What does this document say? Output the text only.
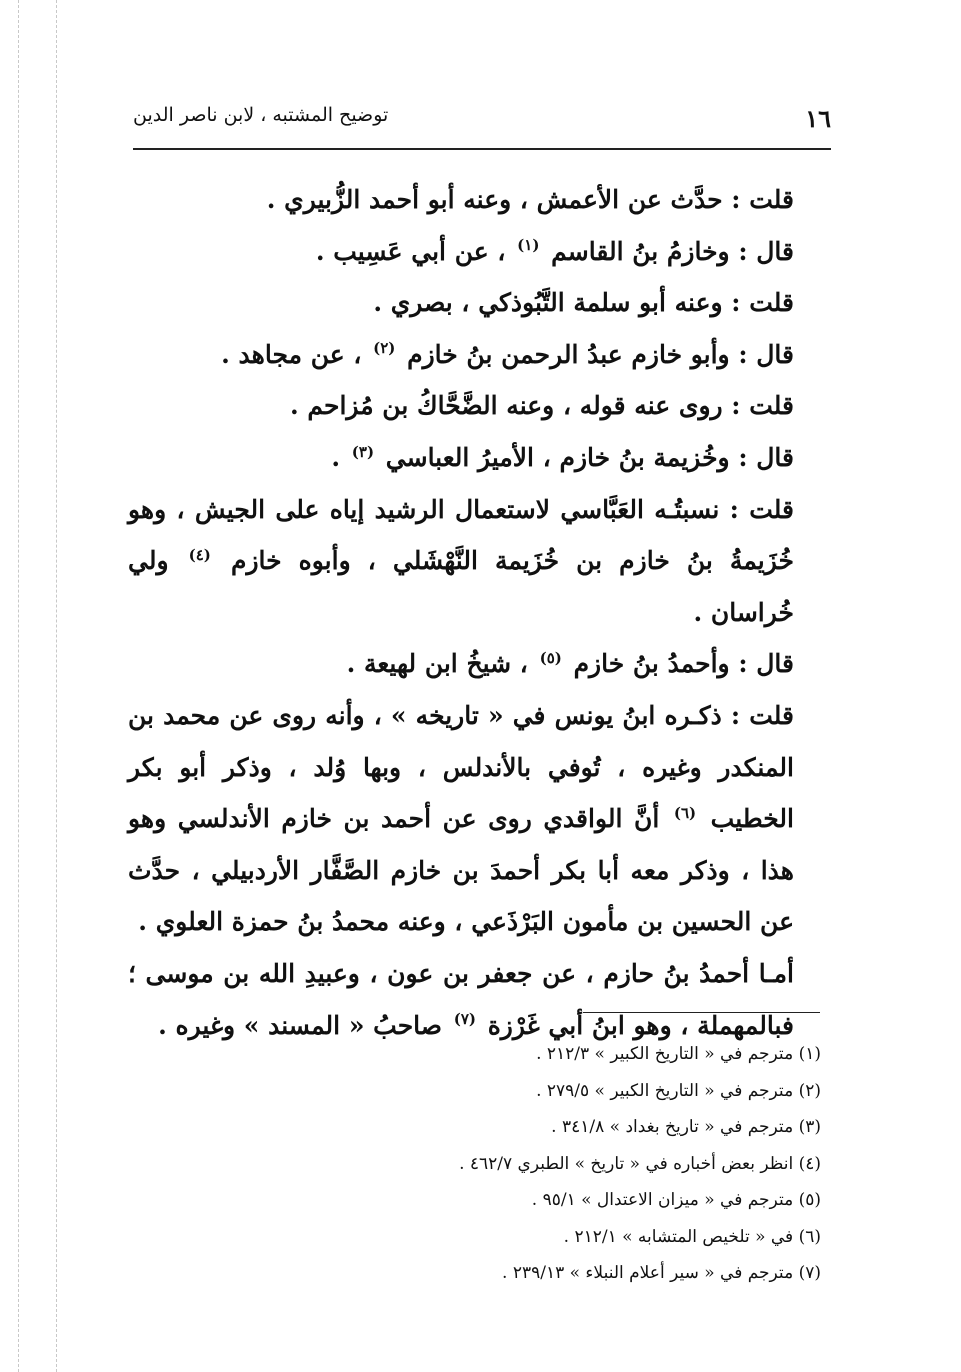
١٦
توضيح المشتبه ، لابن ناصر الدين

قلت : حدَّث عن الأعمش ، وعنه أبو أحمد الزُّبيري .

قال : وخازمُ بنُ القاسم $^{(١)}$ ، عن أبي عَسِيب .

قلت : وعنه أبو سلمة التَّبُوذكي ، بصري .

قال : وأبو خازم عبدُ الرحمن بنُ خازم $^{(٢)}$ ، عن مجاهد .

قلت : روى عنه قوله ، وعنه الضَّحَّاكُ بن مُزاحم .

قال : وخُزيمة بنُ خازم ، الأميرُ العباسي $^{(٣)}$ .

قلت : نسبتُـه العَبَّاسي لاستعمال الرشيد إياه على الجيش ، وهو خُزَيمةُ بنُ خازم بن خُزَيمة النَّهْشَلي ، وأبوه خازم $^{(٤)}$ ولي خُراسان .

قال : وأحمدُ بنُ خازم $^{(٥)}$ ، شيخُ ابن لهيعة .

قلت : ذكـره ابنُ يونس في « تاريخه » ، وأنه روى عن محمد بن المنكدر وغيره ، تُوفي بالأندلس ، وبها وُلد ، وذكر أبو بكر الخطيب $^{(٦)}$ أنَّ الواقدي روى عن أحمد بن خازم الأندلسي وهو هذا ، وذكر معه أبا بكر أحمدَ بن خازم الصَّفَّار الأردبيلي ، حدَّث عن الحسين بن مأمون البَرْذَعي ، وعنه محمدُ بنُ حمزة العلوي .

أمـا أحمدُ بنُ حازم ، عن جعفر بن عون ، وعبيدِ الله بن موسى ؛ فبالمهملة ، وهو ابنُ أبي غَرْزة $^{(٧)}$ صاحبُ « المسند » وغيره .

(١) مترجم في « التاريخ الكبير » ٢١٢/٣ .
(٢) مترجم في « التاريخ الكبير » ٢٧٩/٥ .
(٣) مترجم في « تاريخ بغداد » ٣٤١/٨ .
(٤) انظر بعض أخباره في « تاريخ » الطبري ٤٦٢/٧ .
(٥) مترجم في « ميزان الاعتدال » ٩٥/١ .
(٦) في « تلخيص المتشابه » ٢١٢/١ .
(٧) مترجم في « سير أعلام النبلاء » ٢٣٩/١٣ .
